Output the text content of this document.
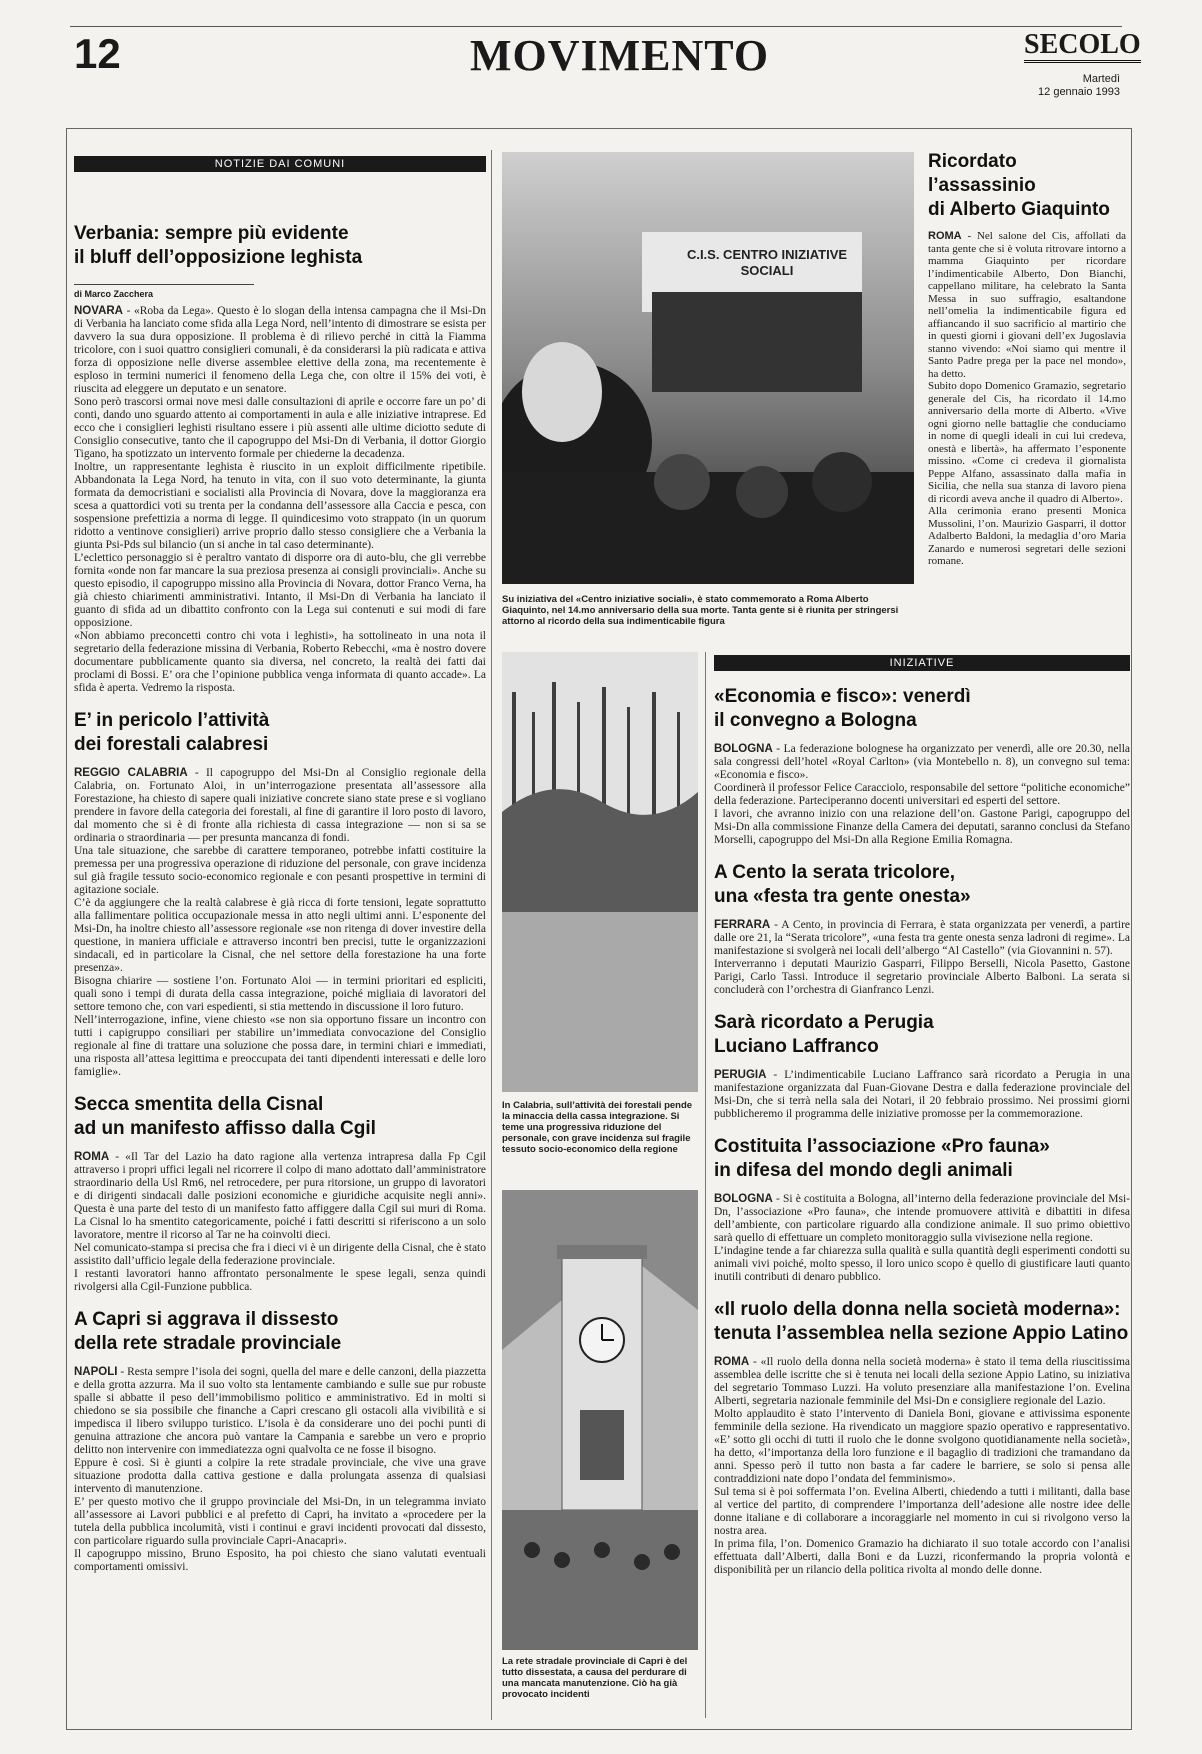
12	MOVIMENTO	SECOLO
Martedì
12 gennaio 1993
NOTIZIE DAI COMUNI
Verbania: sempre più evidente
il bluff dell’opposizione leghista
di Marco Zacchera

NOVARA - «Roba da Lega». Questo è lo slogan della intensa campagna che il Msi-Dn di Verbania ha lanciato come sfida alla Lega Nord, nell’intento di dimostrare se esista per davvero la sua dura opposizione. Il problema è di rilievo perché in città la Fiamma tricolore, con i suoi quattro consiglieri comunali, è da considerarsi la più radicata e attiva forza di opposizione nelle diverse assemblee elettive della zona, ma recentemente è esploso in termini numerici il fenomeno della Lega che, con oltre il 15% dei voti, è riuscita ad eleggere un deputato e un senatore.

Sono però trascorsi ormai nove mesi dalle consultazioni di aprile e occorre fare un po’ di conti, dando uno sguardo attento ai comportamenti in aula e alle iniziative intraprese. Ed ecco che i consiglieri leghisti risultano essere i più assenti alle ultime diciotto sedute di Consiglio consecutive, tanto che il capogruppo del Msi-Dn di Verbania, il dottor Giorgio Tigano, ha spotizzato un intervento formale per chiederne la decadenza.

Inoltre, un rappresentante leghista è riuscito in un exploit difficilmente ripetibile. Abbandonata la Lega Nord, ha tenuto in vita, con il suo voto determinante, la giunta formata da democristiani e socialisti alla Provincia di Novara, dove la maggioranza era scesa a quattordici voti su trenta per la condanna dell’assessore alla Caccia e pesca, con sospensione prefettizia a norma di legge. Il quindicesimo voto strappato (in un quorum ridotto a ventinove consiglieri) arrive proprio dallo stesso consigliere che a Verbania la giunta Psi-Pds sul bilancio (un si anche in tal caso determinante).

L’eclettico personaggio si è peraltro vantato di disporre ora di auto-blu, che gli verrebbe fornita «onde non far mancare la sua preziosa presenza ai consigli provinciali». Anche su questo episodio, il capogruppo missino alla Provincia di Novara, dottor Franco Verna, ha già chiesto chiarimenti amministrativi. Intanto, il Msi-Dn di Verbania ha lanciato il guanto di sfida ad un dibattito confronto con la Lega sui contenuti e sui modi di fare opposizione.

«Non abbiamo preconcetti contro chi vota i leghisti», ha sottolineato in una nota il segretario della federazione missina di Verbania, Roberto Rebecchi, «ma è nostro dovere documentare pubblicamente quanto sia diversa, nel concreto, la realtà dei fatti dai proclami di Bossi. E’ ora che l’opinione pubblica venga informata di quanto accade». La sfida è aperta. Vedremo la risposta.

E’ in pericolo l’attività
dei forestali calabresi

REGGIO CALABRIA - Il capogruppo del Msi-Dn al Consiglio regionale della Calabria, on. Fortunato Aloi, in un’interrogazione presentata all’assessore alla Forestazione, ha chiesto di sapere quali iniziative concrete siano state prese e si vogliano prendere in favore della categoria dei forestali, al fine di garantire il loro posto di lavoro, dal momento che si è di fronte alla richiesta di cassa integrazione — non si sa se ordinaria o straordinaria — per presunta mancanza di fondi.

Una tale situazione, che sarebbe di carattere temporaneo, potrebbe infatti costituire la premessa per una progressiva operazione di riduzione del personale, con grave incidenza sul già fragile tessuto socio-economico regionale e con pesanti prospettive in termini di agitazione sociale.

C’è da aggiungere che la realtà calabrese è già ricca di forte tensioni, legate soprattutto alla fallimentare politica occupazionale messa in atto negli ultimi anni. L’esponente del Msi-Dn, ha inoltre chiesto all’assessore regionale «se non ritenga di dover investire della questione, in maniera ufficiale e attraverso incontri ben precisi, tutte le organizzazioni sindacali, ed in particolare la Cisnal, che nel settore della forestazione ha una forte presenza».

Bisogna chiarire — sostiene l’on. Fortunato Aloi — in termini prioritari ed espliciti, quali sono i tempi di durata della cassa integrazione, poiché migliaia di lavoratori del settore temono che, con vari espedienti, si stia mettendo in discussione il loro futuro.

Nell’interrogazione, infine, viene chiesto «se non sia opportuno fissare un incontro con tutti i capigruppo consiliari per stabilire un’immediata convocazione del Consiglio regionale al fine di trattare una soluzione che possa dare, in termini chiari e immediati, una risposta all’attesa legittima e preoccupata dei tanti dipendenti interessati e delle loro famiglie».

Secca smentita della Cisnal
ad un manifesto affisso dalla Cgil

ROMA - «Il Tar del Lazio ha dato ragione alla vertenza intrapresa dalla Fp Cgil attraverso i propri uffici legali nel ricorrere il colpo di mano adottato dall’amministratore straordinario della Usl Rm6, nel retrocedere, per pura ritorsione, un gruppo di lavoratori e di dirigenti sindacali dalle posizioni economiche e giuridiche acquisite negli anni». Questa è una parte del testo di un manifesto fatto affiggere dalla Cgil sui muri di Roma. La Cisnal lo ha smentito categoricamente, poiché i fatti descritti si riferiscono a un solo lavoratore, mentre il ricorso al Tar ne ha coinvolti dieci.

Nel comunicato-stampa si precisa che fra i dieci vi è un dirigente della Cisnal, che è stato assistito dall’ufficio legale della federazione provinciale.

I restanti lavoratori hanno affrontato personalmente le spese legali, senza quindi rivolgersi alla Cgil-Funzione pubblica.

A Capri si aggrava il dissesto
della rete stradale provinciale

NAPOLI - Resta sempre l’isola dei sogni, quella del mare e delle canzoni, della piazzetta e della grotta azzurra. Ma il suo volto sta lentamente cambiando e sulle sue pur robuste spalle si abbatte il peso dell’immobilismo politico e amministrativo. Ed in molti si chiedono se sia possibile che finanche a Capri crescano gli ostacoli alla vivibilità e si impedisca il libero sviluppo turistico. L’isola è da considerare uno dei pochi punti di genuina attrazione che ancora può vantare la Campania e sarebbe un vero e proprio delitto non intervenire con immediatezza ogni qualvolta ce ne fosse il bisogno.

Eppure è così. Si è giunti a colpire la rete stradale provinciale, che vive una grave situazione prodotta dalla cattiva gestione e dalla prolungata assenza di qualsiasi intervento di manutenzione.

E’ per questo motivo che il gruppo provinciale del Msi-Dn, in un telegramma inviato all’assessore ai Lavori pubblici e al prefetto di Capri, ha invitato a «procedere per la tutela della pubblica incolumità, visti i continui e gravi incidenti provocati dal dissesto, con particolare riguardo sulla provinciale Capri-Anacapri».

Il capogruppo missino, Bruno Esposito, ha poi chiesto che siano valutati eventuali comportamenti omissivi.

C.I.S. CENTRO INIZIATIVE SOCIALI
Su iniziativa del «Centro iniziative sociali», è stato commemorato a Roma Alberto Giaquinto, nel 14.mo anniversario della sua morte. Tanta gente si è riunita per stringersi attorno al ricordo della sua indimenticabile figura
In Calabria, sull’attività dei forestali pende la minaccia della cassa integrazione. Si teme una progressiva riduzione del personale, con grave incidenza sul fragile tessuto socio-economico della regione
La rete stradale provinciale di Capri è del tutto dissestata, a causa del perdurare di una mancata manutenzione. Ciò ha già provocato incidenti
Ricordato l’assassinio
di Alberto Giaquinto

ROMA - Nel salone del Cis, affollati da tanta gente che si è voluta ritrovare intorno a mamma Giaquinto per ricordare l’indimenticabile Alberto, Don Bianchi, cappellano militare, ha celebrato la Santa Messa in suo suffragio, esaltandone nell’omelia la indimenticabile figura ed affiancando il suo sacrificio al martirio che in questi giorni i giovani dell’ex Jugoslavia stanno vivendo: «Noi siamo qui mentre il Santo Padre prega per la pace nel mondo», ha detto.

Subito dopo Domenico Gramazio, segretario generale del Cis, ha ricordato il 14.mo anniversario della morte di Alberto. «Vive ogni giorno nelle battaglie che conduciamo in nome di quegli ideali in cui lui credeva, onestà e libertà», ha affermato l’esponente missino. «Come ci credeva il giornalista Peppe Alfano, assassinato dalla mafia in Sicilia, che nella sua stanza di lavoro piena di ricordi aveva anche il quadro di Alberto».

Alla cerimonia erano presenti Monica Mussolini, l’on. Maurizio Gasparri, il dottor Adalberto Baldoni, la medaglia d’oro Maria Zanardo e numerosi segretari delle sezioni romane.

INIZIATIVE
«Economia e fisco»: venerdì
il convegno a Bologna

BOLOGNA - La federazione bolognese ha organizzato per venerdì, alle ore 20.30, nella sala congressi dell’hotel «Royal Carlton» (via Montebello n. 8), un convegno sul tema: «Economia e fisco».

Coordinerà il professor Felice Caracciolo, responsabile del settore “politiche economiche” della federazione. Parteciperanno docenti universitari ed esperti del settore.

I lavori, che avranno inizio con una relazione dell’on. Gastone Parigi, capogruppo del Msi-Dn alla commissione Finanze della Camera dei deputati, saranno conclusi da Stefano Morselli, capogruppo del Msi-Dn alla Regione Emilia Romagna.

A Cento la serata tricolore,
una «festa tra gente onesta»

FERRARA - A Cento, in provincia di Ferrara, è stata organizzata per venerdì, a partire dalle ore 21, la “Serata tricolore”, «una festa tra gente onesta senza ladroni di regime». La manifestazione si svolgerà nei locali dell’albergo “Al Castello” (via Giovannini n. 57).

Interverranno i deputati Maurizio Gasparri, Filippo Berselli, Nicola Pasetto, Gastone Parigi, Carlo Tassi. Introduce il segretario provinciale Alberto Balboni. La serata si concluderà con l’orchestra di Gianfranco Lenzi.

Sarà ricordato a Perugia
Luciano Laffranco

PERUGIA - L’indimenticabile Luciano Laffranco sarà ricordato a Perugia in una manifestazione organizzata dal Fuan-Giovane Destra e dalla federazione provinciale del Msi-Dn, che si terrà nella sala dei Notari, il 20 febbraio prossimo. Nei prossimi giorni pubblicheremo il programma delle iniziative promosse per la commemorazione.

Costituita l’associazione «Pro fauna»
in difesa del mondo degli animali

BOLOGNA - Si è costituita a Bologna, all’interno della federazione provinciale del Msi-Dn, l’associazione «Pro fauna», che intende promuovere attività e dibattiti in difesa dell’ambiente, con particolare riguardo alla condizione animale. Il suo primo obiettivo sarà quello di effettuare un completo monitoraggio sulla vivisezione nella regione.

L’indagine tende a far chiarezza sulla qualità e sulla quantità degli esperimenti condotti su animali vivi poiché, molto spesso, il loro unico scopo è quello di giustificare lauti quanto inutili contributi di denaro pubblico.

«Il ruolo della donna nella società moderna»:
tenuta l’assemblea nella sezione Appio Latino

ROMA - «Il ruolo della donna nella società moderna» è stato il tema della riuscitissima assemblea delle iscritte che si è tenuta nei locali della sezione Appio Latino, su iniziativa del segretario Tommaso Luzzi. Ha voluto presenziare alla manifestazione l’on. Evelina Alberti, segretaria nazionale femminile del Msi-Dn e consigliere regionale del Lazio.

Molto applaudito è stato l’intervento di Daniela Boni, giovane e attivissima esponente femminile della sezione. Ha rivendicato un maggiore spazio operativo e rappresentativo. «E’ sotto gli occhi di tutti il ruolo che le donne svolgono quotidianamente nella società», ha detto, «l’importanza della loro funzione e il bagaglio di tradizioni che tramandano da anni. Spesso però il tutto non basta a far cadere le barriere, se solo si pensa alle contraddizioni nate dopo l’ondata del femminismo».

Sul tema si è poi soffermata l’on. Evelina Alberti, chiedendo a tutti i militanti, dalla base al vertice del partito, di comprendere l’importanza dell’adesione alle nostre idee delle donne italiane e di collaborare a incoraggiarle nel momento in cui si rivolgono verso la nostra area.

In prima fila, l’on. Domenico Gramazio ha dichiarato il suo totale accordo con l’analisi effettuata dall’Alberti, dalla Boni e da Luzzi, riconfermando la propria volontà e disponibilità per un rilancio della politica rivolta al mondo delle donne.
